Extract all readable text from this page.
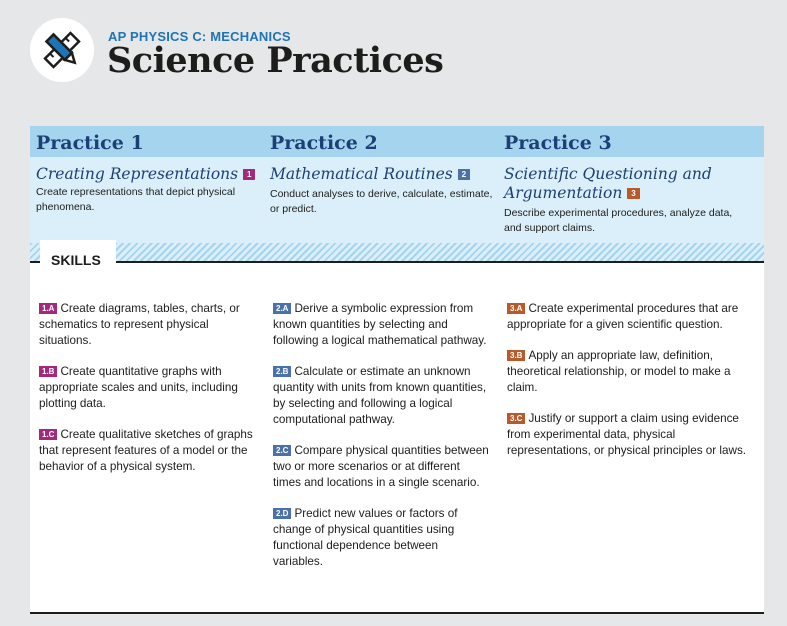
AP PHYSICS C: MECHANICS
Science Practices
SKILLS
Practice 1
Creating Representations 1
Create representations that depict physical phenomena.
1.A Create diagrams, tables, charts, or schematics to represent physical situations.
1.B Create quantitative graphs with appropriate scales and units, including plotting data.
1.C Create qualitative sketches of graphs that represent features of a model or the behavior of a physical system.
Practice 2
Mathematical Routines 2
Conduct analyses to derive, calculate, estimate, or predict.
2.A Derive a symbolic expression from known quantities by selecting and following a logical mathematical pathway.
2.B Calculate or estimate an unknown quantity with units from known quantities, by selecting and following a logical computational pathway.
2.C Compare physical quantities between two or more scenarios or at different times and locations in a single scenario.
2.D Predict new values or factors of change of physical quantities using functional dependence between variables.
Practice 3
Scientific Questioning and Argumentation 3
Describe experimental procedures, analyze data, and support claims.
3.A Create experimental procedures that are appropriate for a given scientific question.
3.B Apply an appropriate law, definition, theoretical relationship, or model to make a claim.
3.C Justify or support a claim using evidence from experimental data, physical representations, or physical principles or laws.
